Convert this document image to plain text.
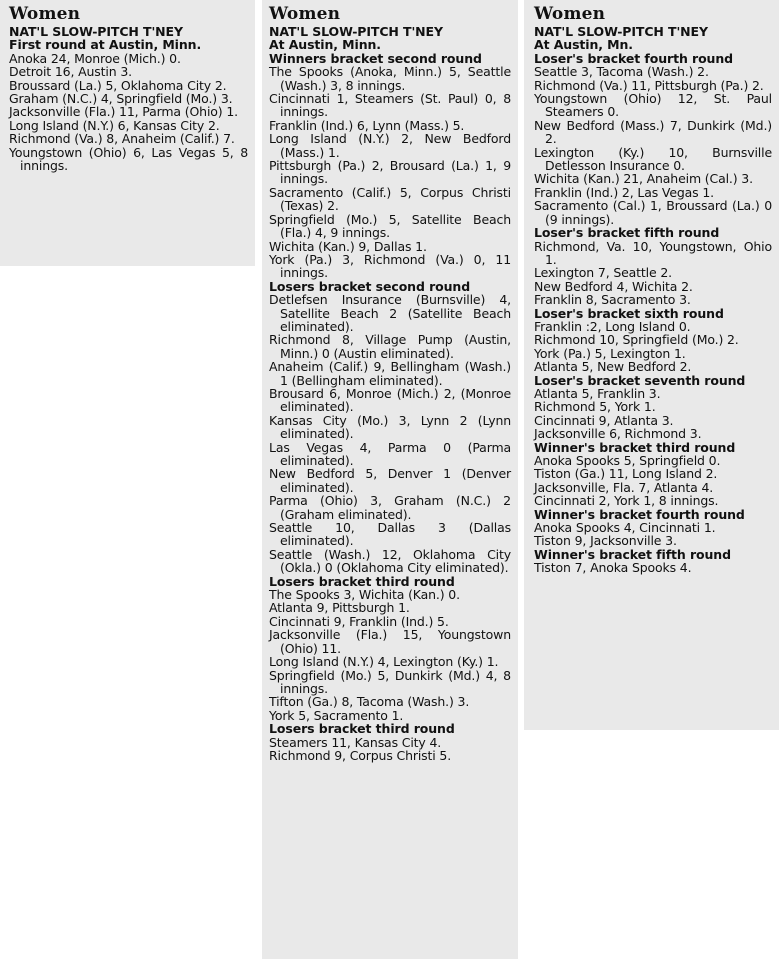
Women
NAT'L SLOW-PITCH T'NEY
First round at Austin, Minn.
Anoka 24, Monroe (Mich.) 0.
Detroit 16, Austin 3.
Broussard (La.) 5, Oklahoma City 2.
Graham (N.C.) 4, Springfield (Mo.) 3.
Jacksonville (Fla.) 11, Parma (Ohio) 1.
Long Island (N.Y.) 6, Kansas City 2.
Richmond (Va.) 8, Anaheim (Calif.) 7.
Youngstown (Ohio) 6, Las Vegas 5, 8 innings.
Women
NAT'L SLOW-PITCH T'NEY
At Austin, Minn.
Winners bracket second round
The Spooks (Anoka, Minn.) 5, Seattle (Wash.) 3, 8 innings.
Cincinnati 1, Steamers (St. Paul) 0, 8 innings.
Franklin (Ind.) 6, Lynn (Mass.) 5.
Long Island (N.Y.) 2, New Bedford (Mass.) 1.
Pittsburgh (Pa.) 2, Brousard (La.) 1, 9 innings.
Sacramento (Calif.) 5, Corpus Christi (Texas) 2.
Springfield (Mo.) 5, Satellite Beach (Fla.) 4, 9 innings.
Wichita (Kan.) 9, Dallas 1.
York (Pa.) 3, Richmond (Va.) 0, 11 innings.
Losers bracket second round
Detlefsen Insurance (Burnsville) 4, Satellite Beach 2 (Satellite Beach eliminated).
Richmond 8, Village Pump (Austin, Minn.) 0 (Austin eliminated).
Anaheim (Calif.) 9, Bellingham (Wash.) 1 (Bellingham eliminated).
Brousard 6, Monroe (Mich.) 2, (Monroe eliminated).
Kansas City (Mo.) 3, Lynn 2 (Lynn eliminated).
Las Vegas 4, Parma 0 (Parma eliminated).
New Bedford 5, Denver 1 (Denver eliminated).
Parma (Ohio) 3, Graham (N.C.) 2 (Graham eliminated).
Seattle 10, Dallas 3 (Dallas eliminated).
Seattle (Wash.) 12, Oklahoma City (Okla.) 0 (Oklahoma City eliminated).
Losers bracket third round
The Spooks 3, Wichita (Kan.) 0.
Atlanta 9, Pittsburgh 1.
Cincinnati 9, Franklin (Ind.) 5.
Jacksonville (Fla.) 15, Youngstown (Ohio) 11.
Long Island (N.Y.) 4, Lexington (Ky.) 1.
Springfield (Mo.) 5, Dunkirk (Md.) 4, 8 innings.
Tifton (Ga.) 8, Tacoma (Wash.) 3.
York 5, Sacramento 1.
Losers bracket third round
Steamers 11, Kansas City 4.
Richmond 9, Corpus Christi 5.
Women
NAT'L SLOW-PITCH T'NEY
At Austin, Mn.
Loser's bracket fourth round
Seattle 3, Tacoma (Wash.) 2.
Richmond (Va.) 11, Pittsburgh (Pa.) 2.
Youngstown (Ohio) 12, St. Paul Steamers 0.
New Bedford (Mass.) 7, Dunkirk (Md.) 2.
Lexington (Ky.) 10, Burnsville Detlesson Insurance 0.
Wichita (Kan.) 21, Anaheim (Cal.) 3.
Franklin (Ind.) 2, Las Vegas 1.
Sacramento (Cal.) 1, Broussard (La.) 0 (9 innings).
Loser's bracket fifth round
Richmond, Va. 10, Youngstown, Ohio 1.
Lexington 7, Seattle 2.
New Bedford 4, Wichita 2.
Franklin 8, Sacramento 3.
Loser's bracket sixth round
Franklin :2, Long Island 0.
Richmond 10, Springfield (Mo.) 2.
York (Pa.) 5, Lexington 1.
Atlanta 5, New Bedford 2.
Loser's bracket seventh round
Atlanta 5, Franklin 3.
Richmond 5, York 1.
Cincinnati 9, Atlanta 3.
Jacksonville 6, Richmond 3.
Winner's bracket third round
Anoka Spooks 5, Springfield 0.
Tiston (Ga.) 11, Long Island 2.
Jacksonville, Fla. 7, Atlanta 4.
Cincinnati 2, York 1, 8 innings.
Winner's bracket fourth round
Anoka Spooks 4, Cincinnati 1.
Tiston 9, Jacksonville 3.
Winner's bracket fifth round
Tiston 7, Anoka Spooks 4.
